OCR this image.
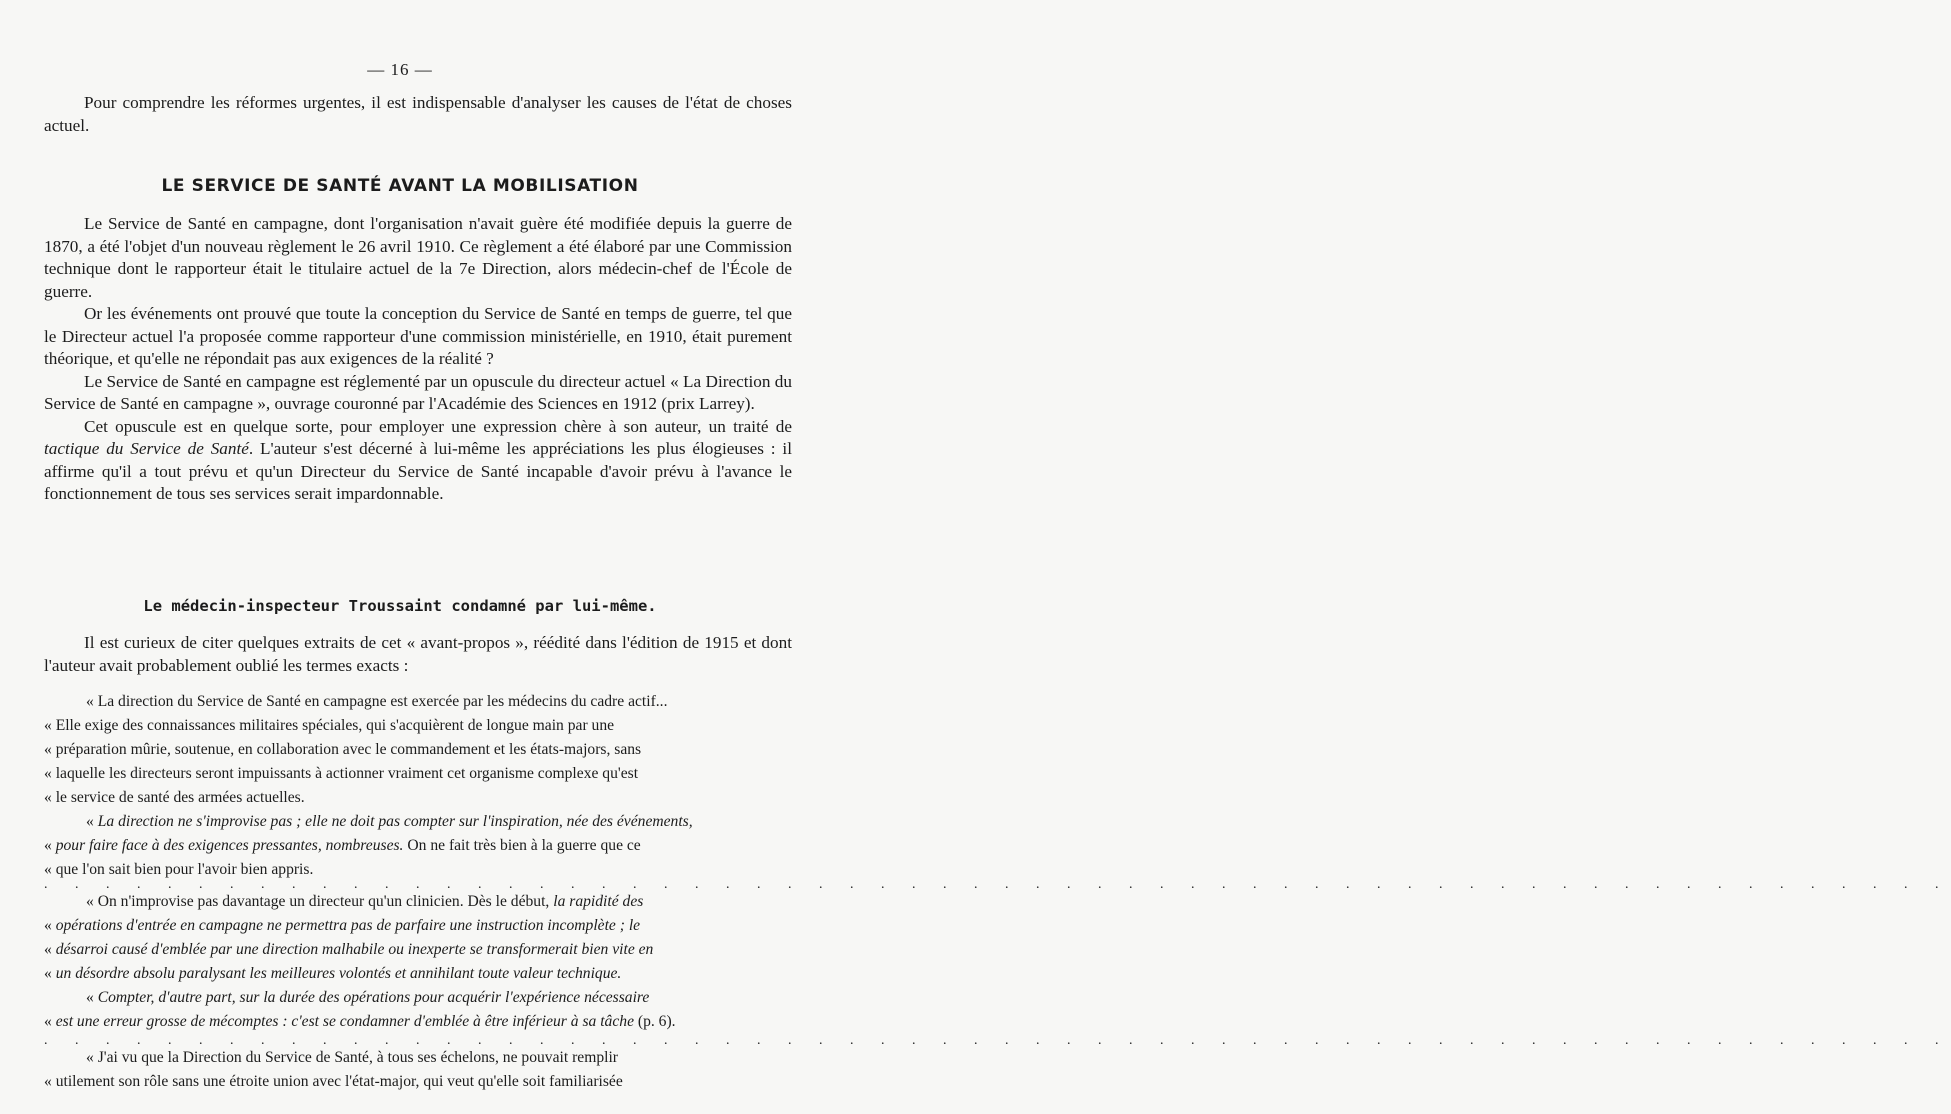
— 16 —

Pour comprendre les réformes urgentes, il est indispensable d'analyser les causes de l'état de choses actuel.

LE SERVICE DE SANTÉ AVANT LA MOBILISATION

Le Service de Santé en campagne, dont l'organisation n'avait guère été modifiée depuis la guerre de 1870, a été l'objet d'un nouveau règlement le 26 avril 1910. Ce règlement a été élaboré par une Commission technique dont le rapporteur était le titulaire actuel de la 7e Direction, alors médecin-chef de l'École de guerre.

Or les événements ont prouvé que toute la conception du Service de Santé en temps de guerre, tel que le Directeur actuel l'a proposée comme rapporteur d'une commission ministérielle, en 1910, était purement théorique, et qu'elle ne répondait pas aux exigences de la réalité ?

Le Service de Santé en campagne est réglementé par un opuscule du directeur actuel « La Direction du Service de Santé en campagne », ouvrage couronné par l'Académie des Sciences en 1912 (prix Larrey).

Cet opuscule est en quelque sorte, pour employer une expression chère à son auteur, un traité de tactique du Service de Santé. L'auteur s'est décerné à lui-même les appréciations les plus élogieuses : il affirme qu'il a tout prévu et qu'un Directeur du Service de Santé incapable d'avoir prévu à l'avance le fonctionnement de tous ses services serait impardonnable.

Le médecin-inspecteur Troussaint condamné par lui-même.

Il est curieux de citer quelques extraits de cet « avant-propos », réédité dans l'édition de 1915 et dont l'auteur avait probablement oublié les termes exacts :

« La direction du Service de Santé en campagne est exercée par les médecins du cadre actif...
« Elle exige des connaissances militaires spéciales, qui s'acquièrent de longue main par une
« préparation mûrie, soutenue, en collaboration avec le commandement et les états-majors, sans
« laquelle les directeurs seront impuissants à actionner vraiment cet organisme complexe qu'est
« le service de santé des armées actuelles.

« La direction ne s'improvise pas ; elle ne doit pas compter sur l'inspiration, née des événements,
« pour faire face à des exigences pressantes, nombreuses. On ne fait très bien à la guerre que ce
« que l'on sait bien pour l'avoir bien appris.

. . . . . . . . . . . . . . . . . . . . . . . . . . . . . . . . . . . . . . . . . . . . . . . . . . . . . . . . . . . . . .

« On n'improvise pas davantage un directeur qu'un clinicien. Dès le début, la rapidité des
« opérations d'entrée en campagne ne permettra pas de parfaire une instruction incomplète ; le
« désarroi causé d'emblée par une direction malhabile ou inexperte se transformerait bien vite en
« un désordre absolu paralysant les meilleures volontés et annihilant toute valeur technique.
« Compter, d'autre part, sur la durée des opérations pour acquérir l'expérience nécessaire
« est une erreur grosse de mécomptes : c'est se condamner d'emblée à être inférieur à sa tâche (p. 6).

. . . . . . . . . . . . . . . . . . . . . . . . . . . . . . . . . . . . . . . . . . . . . . . . . . . . . . . . . . . . . .

« J'ai vu que la Direction du Service de Santé, à tous ses échelons, ne pouvait remplir
« utilement son rôle sans une étroite union avec l'état-major, qui veut qu'elle soit familiarisée
